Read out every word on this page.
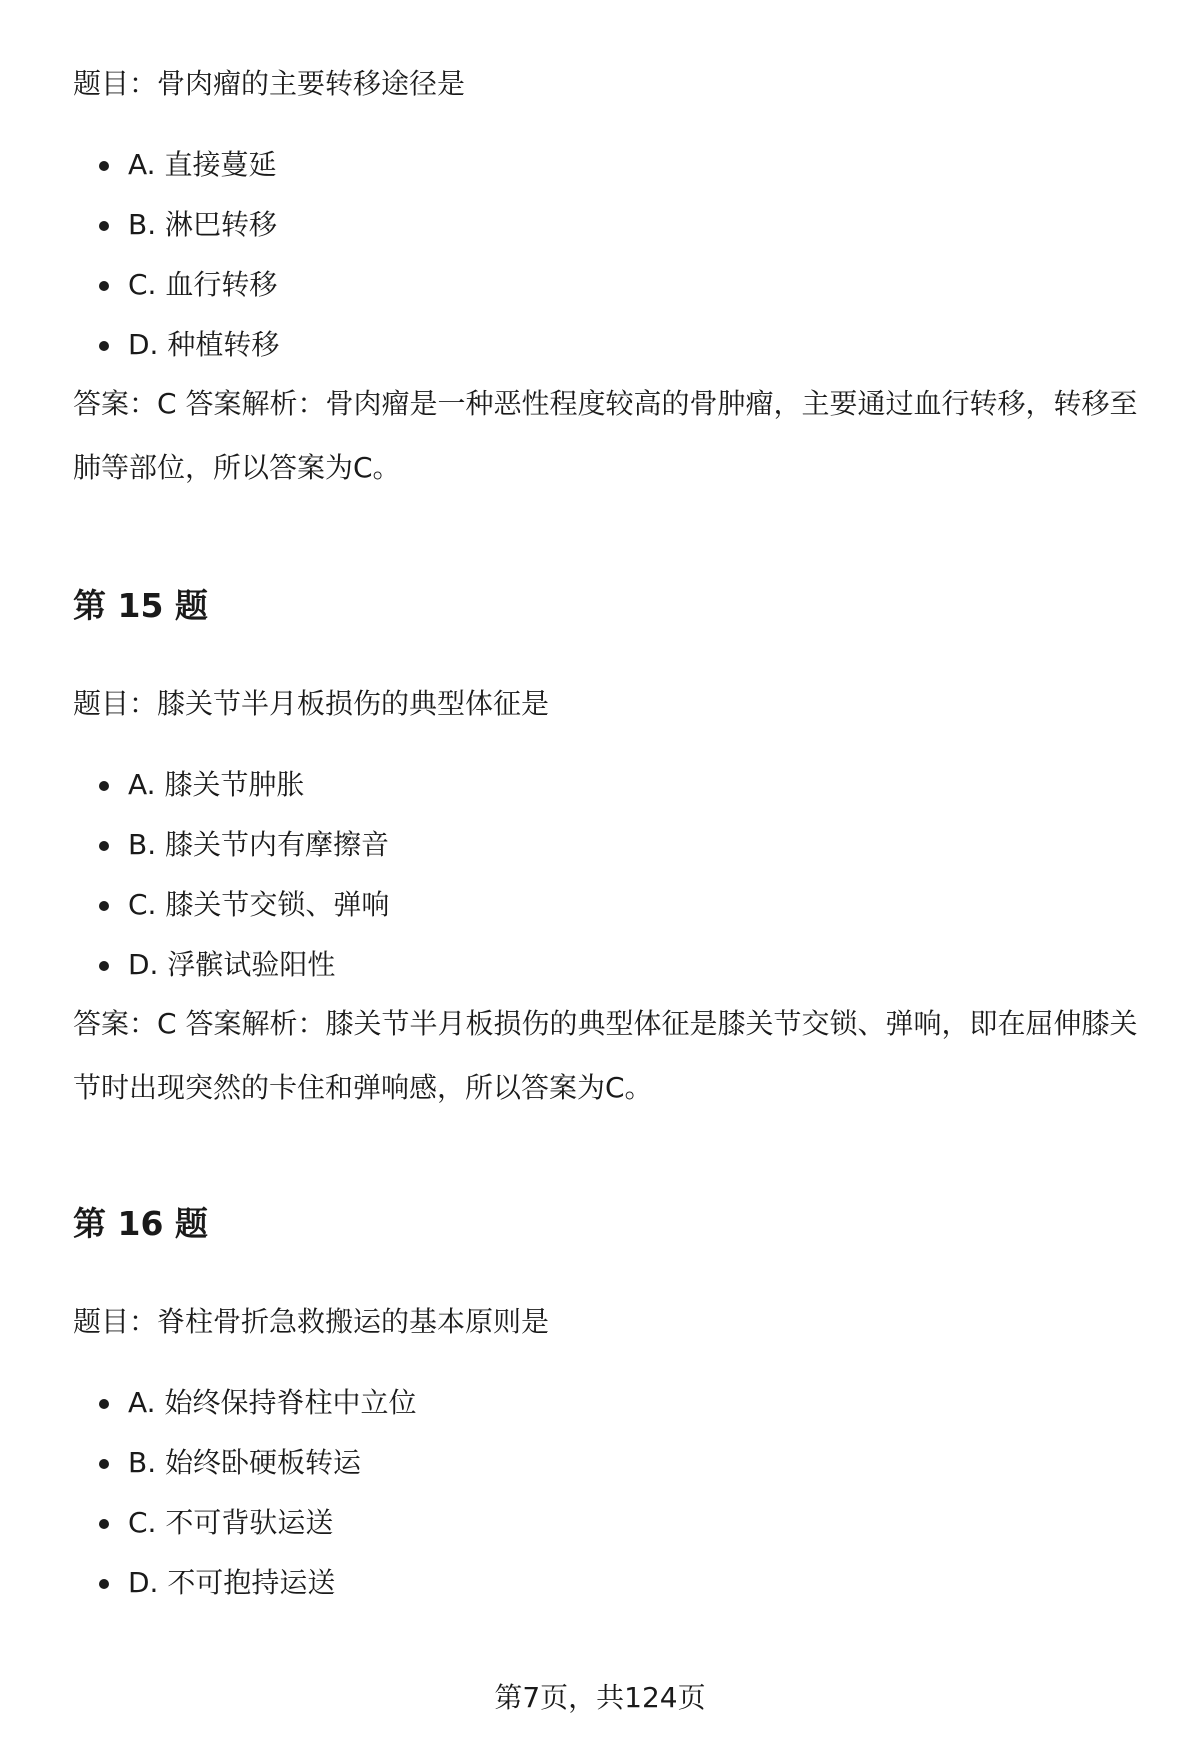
题目：骨肉瘤的主要转移途径是

A. 直接蔓延
B. 淋巴转移
C. 血行转移
D. 种植转移

答案：C 答案解析：骨肉瘤是一种恶性程度较高的骨肿瘤，主要通过血行转移，转移至肺等部位，所以答案为C。

第 15 题

题目：膝关节半月板损伤的典型体征是

A. 膝关节肿胀
B. 膝关节内有摩擦音
C. 膝关节交锁、弹响
D. 浮髌试验阳性

答案：C 答案解析：膝关节半月板损伤的典型体征是膝关节交锁、弹响，即在屈伸膝关节时出现突然的卡住和弹响感，所以答案为C。

第 16 题

题目：脊柱骨折急救搬运的基本原则是

A. 始终保持脊柱中立位
B. 始终卧硬板转运
C. 不可背驮运送
D. 不可抱持运送
第7页，共124页
